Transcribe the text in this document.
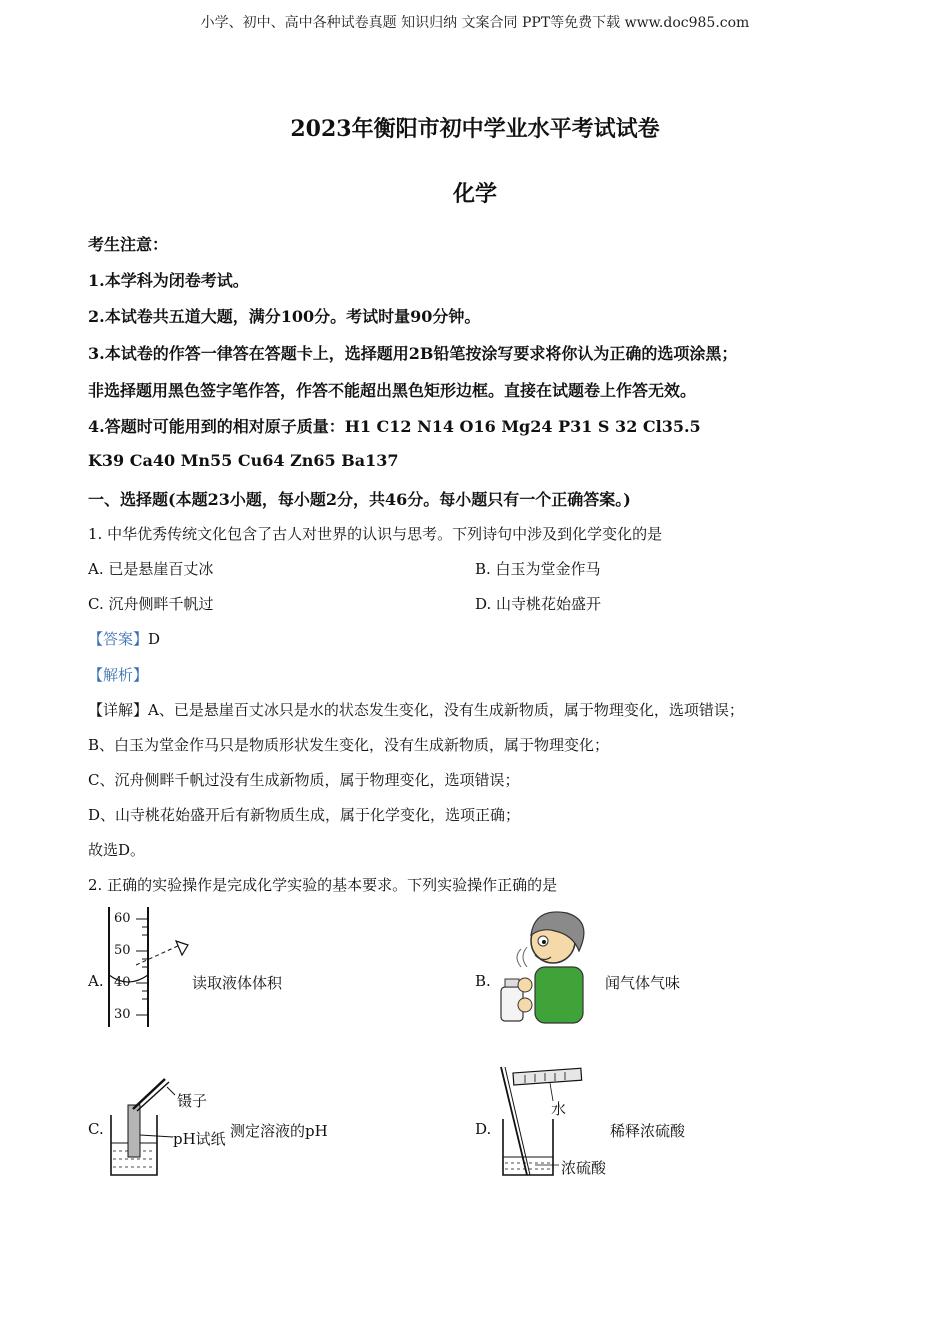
小学、初中、高中各种试卷真题 知识归纳 文案合同 PPT等免费下载 www.doc985.com
2023年衡阳市初中学业水平考试试卷
化学
考生注意：
1.本学科为闭卷考试。
2.本试卷共五道大题，满分100分。考试时量90分钟。
3.本试卷的作答一律答在答题卡上，选择题用2B铅笔按涂写要求将你认为正确的选项涂黑；
非选择题用黑色签字笔作答，作答不能超出黑色矩形边框。直接在试题卷上作答无效。
4.答题时可能用到的相对原子质量：H1 C12 N14 O16 Mg24 P31 S 32 Cl35.5
K39 Ca40 Mn55 Cu64 Zn65 Ba137
一、选择题(本题23小题，每小题2分，共46分。每小题只有一个正确答案。)
1. 中华优秀传统文化包含了古人对世界的认识与思考。下列诗句中涉及到化学变化的是
A. 已是悬崖百丈冰	B. 白玉为堂金作马
C. 沉舟侧畔千帆过	D. 山寺桃花始盛开
【答案】D
【解析】
【详解】A、已是悬崖百丈冰只是水的状态发生变化，没有生成新物质，属于物理变化，选项错误；
B、白玉为堂金作马只是物质形状发生变化，没有生成新物质，属于物理变化；
C、沉舟侧畔千帆过没有生成新物质，属于物理变化，选项错误；
D、山寺桃花始盛开后有新物质生成，属于化学变化，选项正确；
故选D。
2. 正确的实验操作是完成化学实验的基本要求。下列实验操作正确的是
A.
60
50
40
30
读取液体体积	B.	闻气体气味
C.
镊子
pH试纸 测定溶液的pH	D.
水
浓硫酸
稀释浓硫酸
